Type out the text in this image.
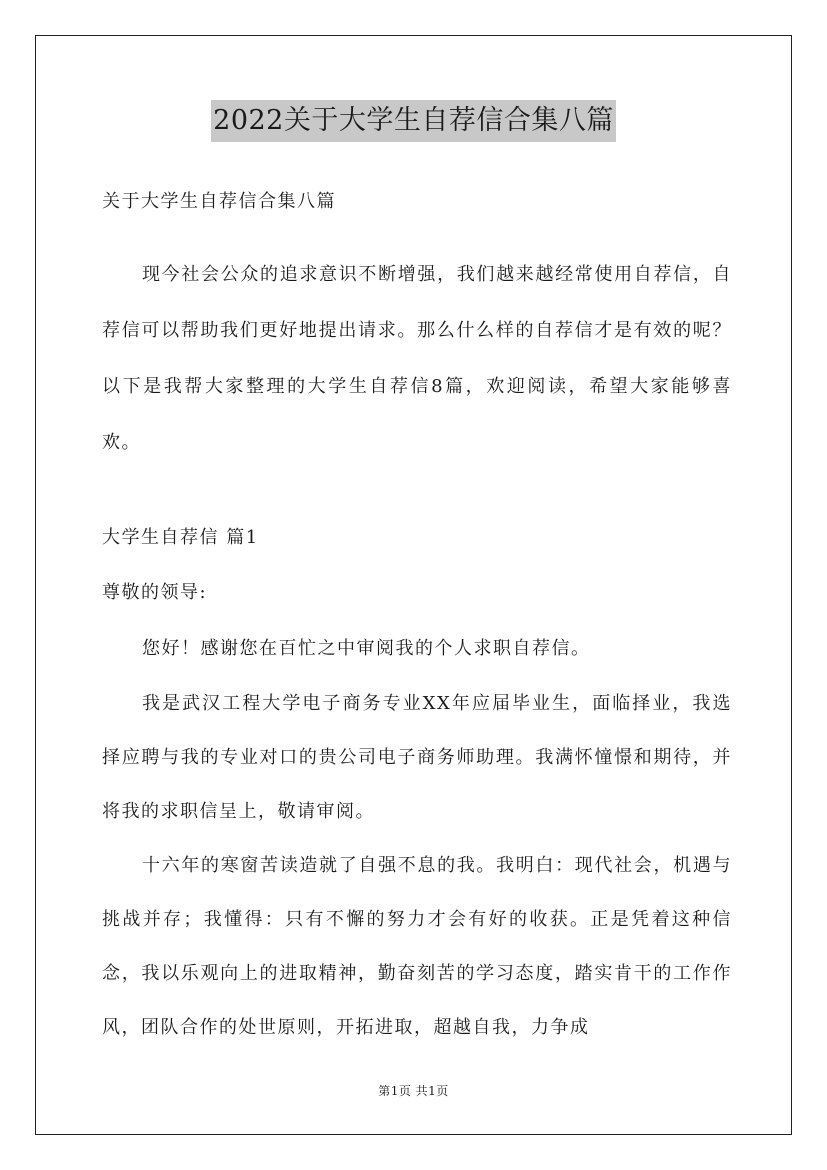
2022关于大学生自荐信合集八篇

关于大学生自荐信合集八篇

现今社会公众的追求意识不断增强，我们越来越经常使用自荐信，自荐信可以帮助我们更好地提出请求。那么什么样的自荐信才是有效的呢？以下是我帮大家整理的大学生自荐信8篇，欢迎阅读，希望大家能够喜欢。

大学生自荐信 篇1

尊敬的领导:

您好！感谢您在百忙之中审阅我的个人求职自荐信。

我是武汉工程大学电子商务专业XX年应届毕业生，面临择业，我选择应聘与我的专业对口的贵公司电子商务师助理。我满怀憧憬和期待，并将我的求职信呈上，敬请审阅。

十六年的寒窗苦读造就了自强不息的我。我明白：现代社会，机遇与挑战并存；我懂得：只有不懈的努力才会有好的收获。正是凭着这种信念，我以乐观向上的进取精神，勤奋刻苦的学习态度，踏实肯干的工作作风，团队合作的处世原则，开拓进取，超越自我，力争成

第1页 共1页
